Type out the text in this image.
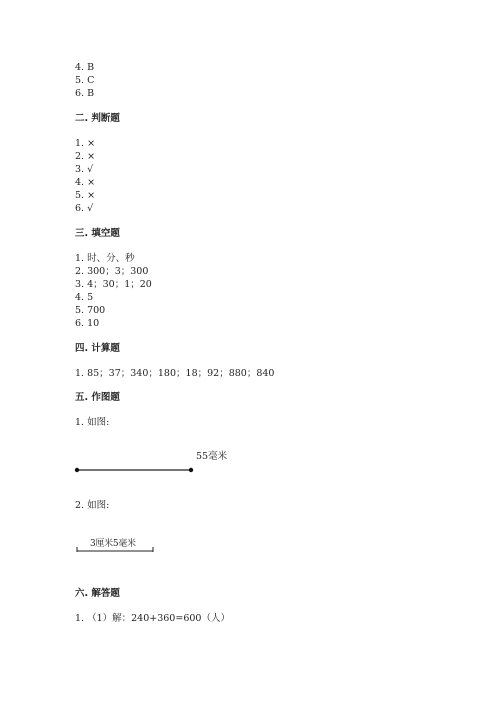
4. B
5. C
6. B
二. 判断题
1. ×
2. ×
3. √
4. ×
5. ×
6. √
三. 填空题
1. 时、分、秒
2. 300；3；300
3. 4；30；1；20
4. 5
5. 700
6. 10
四. 计算题
1. 85；37；340；180；18；92；880；840
五. 作图题
1. 如图:
55毫米
2. 如图:
3厘米5毫米
六. 解答题
1. （1）解：240+360=600（人）
